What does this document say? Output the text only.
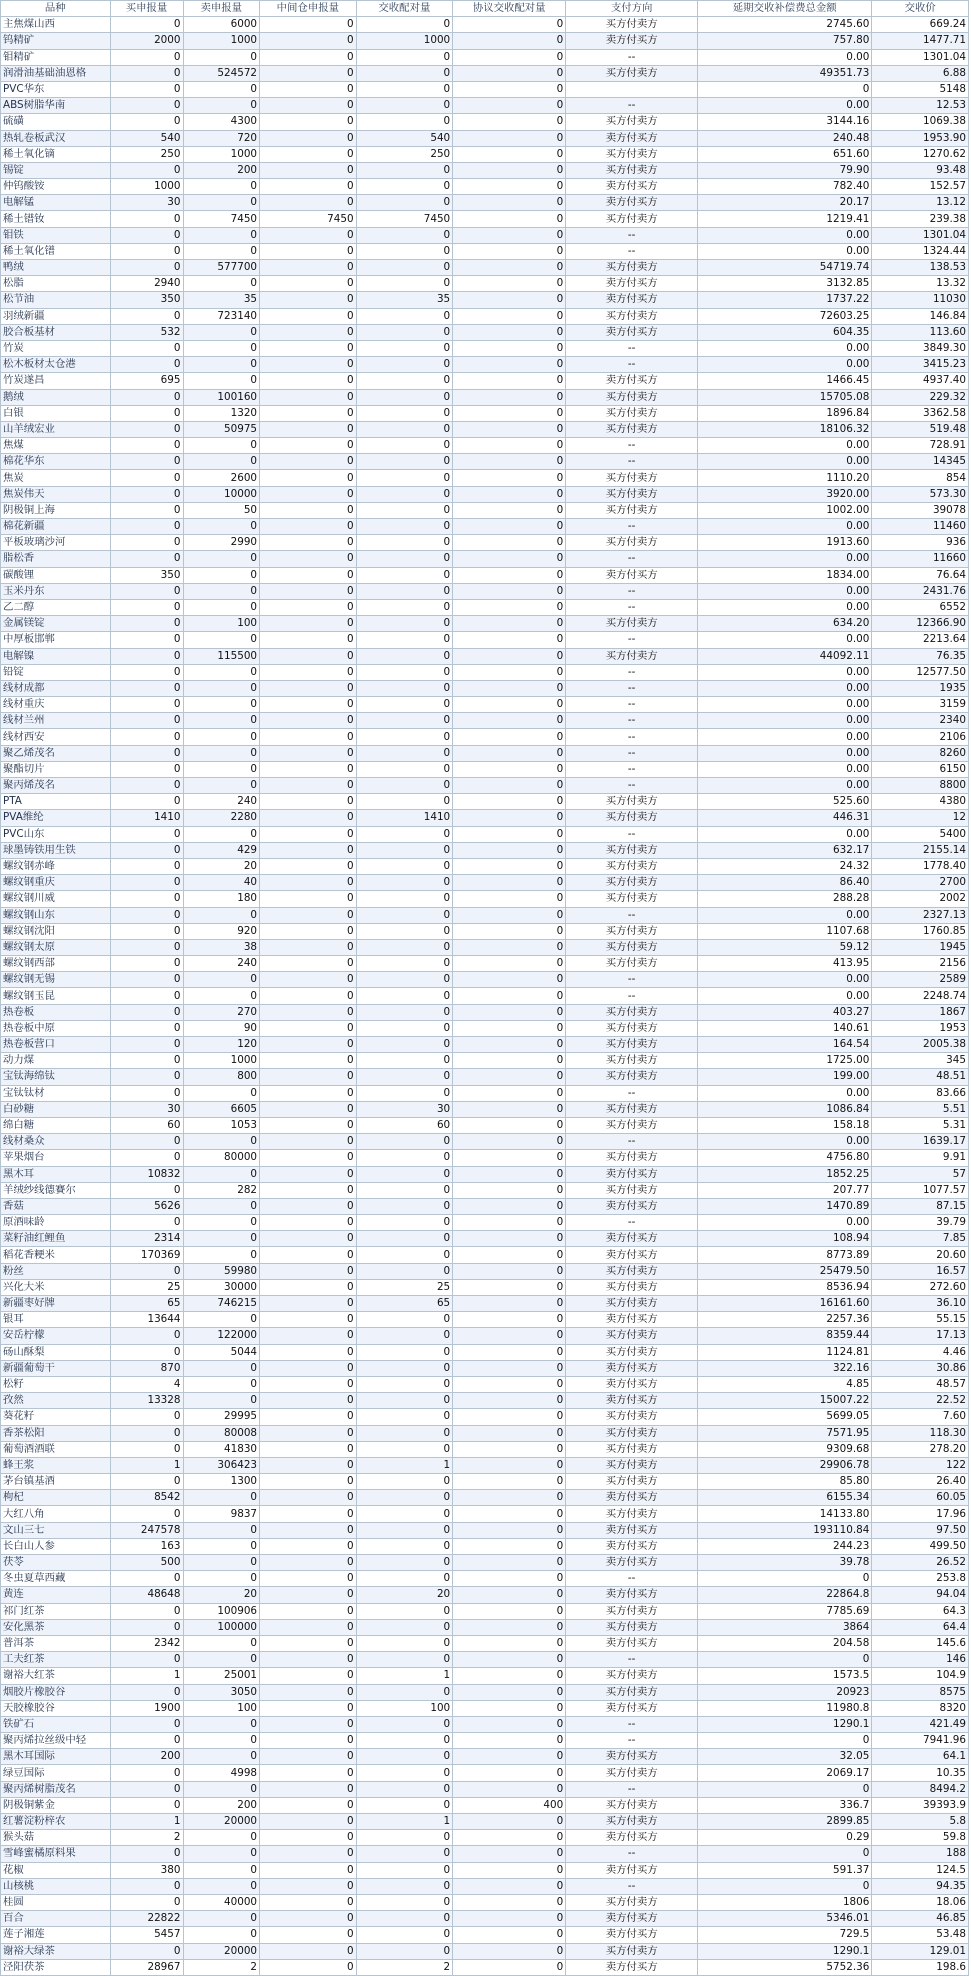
品种	买申报量	卖申报量	中间仓申报量	交收配对量	协议交收配对量	支付方向	延期交收补偿费总金额	交收价
主焦煤山西	0	6000	0	0	0	买方付卖方	2745.60	669.24
钨精矿	2000	1000	0	1000	0	卖方付买方	757.80	1477.71
钼精矿	0	0	0	0	0	--	0.00	1301.04
润滑油基础油恩格	0	524572	0	0	0	买方付卖方	49351.73	6.88
PVC华东	0	0	0	0	0		0	5148
ABS树脂华南	0	0	0	0	0	--	0.00	12.53
硫磺	0	4300	0	0	0	买方付卖方	3144.16	1069.38
热轧卷板武汉	540	720	0	540	0	卖方付买方	240.48	1953.90
稀土氧化镝	250	1000	0	250	0	买方付卖方	651.60	1270.62
锡锭	0	200	0	0	0	买方付卖方	79.90	93.48
仲钨酸铵	1000	0	0	0	0	卖方付买方	782.40	152.57
电解锰	30	0	0	0	0	卖方付买方	20.17	13.12
稀土镨钕	0	7450	7450	7450	0	买方付卖方	1219.41	239.38
钼铁	0	0	0	0	0	--	0.00	1301.04
稀土氧化镨	0	0	0	0	0	--	0.00	1324.44
鸭绒	0	577700	0	0	0	买方付卖方	54719.74	138.53
松脂	2940	0	0	0	0	卖方付买方	3132.85	13.32
松节油	350	35	0	35	0	卖方付买方	1737.22	11030
羽绒新疆	0	723140	0	0	0	买方付卖方	72603.25	146.84
胶合板基材	532	0	0	0	0	卖方付买方	604.35	113.60
竹炭	0	0	0	0	0	--	0.00	3849.30
松木板材太仓港	0	0	0	0	0	--	0.00	3415.23
竹炭遂昌	695	0	0	0	0	卖方付买方	1466.45	4937.40
鹅绒	0	100160	0	0	0	买方付卖方	15705.08	229.32
白银	0	1320	0	0	0	买方付卖方	1896.84	3362.58
山羊绒宏业	0	50975	0	0	0	买方付卖方	18106.32	519.48
焦煤	0	0	0	0	0	--	0.00	728.91
棉花华东	0	0	0	0	0	--	0.00	14345
焦炭	0	2600	0	0	0	买方付卖方	1110.20	854
焦炭伟天	0	10000	0	0	0	买方付卖方	3920.00	573.30
阴极铜上海	0	50	0	0	0	买方付卖方	1002.00	39078
棉花新疆	0	0	0	0	0	--	0.00	11460
平板玻璃沙河	0	2990	0	0	0	买方付卖方	1913.60	936
脂松香	0	0	0	0	0	--	0.00	11660
碳酸锂	350	0	0	0	0	卖方付买方	1834.00	76.64
玉米丹东	0	0	0	0	0	--	0.00	2431.76
乙二醇	0	0	0	0	0	--	0.00	6552
金属镁锭	0	100	0	0	0	买方付卖方	634.20	12366.90
中厚板邯郸	0	0	0	0	0	--	0.00	2213.64
电解镍	0	115500	0	0	0	买方付卖方	44092.11	76.35
铅锭	0	0	0	0	0	--	0.00	12577.50
线材成都	0	0	0	0	0	--	0.00	1935
线材重庆	0	0	0	0	0	--	0.00	3159
线材兰州	0	0	0	0	0	--	0.00	2340
线材西安	0	0	0	0	0	--	0.00	2106
聚乙烯茂名	0	0	0	0	0	--	0.00	8260
聚酯切片	0	0	0	0	0	--	0.00	6150
聚丙烯茂名	0	0	0	0	0	--	0.00	8800
PTA	0	240	0	0	0	买方付卖方	525.60	4380
PVA维纶	1410	2280	0	1410	0	买方付卖方	446.31	12
PVC山东	0	0	0	0	0	--	0.00	5400
球墨铸铁用生铁	0	429	0	0	0	买方付卖方	632.17	2155.14
螺纹钢赤峰	0	20	0	0	0	买方付卖方	24.32	1778.40
螺纹钢重庆	0	40	0	0	0	买方付卖方	86.40	2700
螺纹钢川威	0	180	0	0	0	买方付卖方	288.28	2002
螺纹钢山东	0	0	0	0	0	--	0.00	2327.13
螺纹钢沈阳	0	920	0	0	0	买方付卖方	1107.68	1760.85
螺纹钢太原	0	38	0	0	0	买方付卖方	59.12	1945
螺纹钢西部	0	240	0	0	0	买方付卖方	413.95	2156
螺纹钢无锡	0	0	0	0	0	--	0.00	2589
螺纹钢玉昆	0	0	0	0	0	--	0.00	2248.74
热卷板	0	270	0	0	0	买方付卖方	403.27	1867
热卷板中原	0	90	0	0	0	买方付卖方	140.61	1953
热卷板营口	0	120	0	0	0	买方付卖方	164.54	2005.38
动力煤	0	1000	0	0	0	买方付卖方	1725.00	345
宝钛海绵钛	0	800	0	0	0	买方付卖方	199.00	48.51
宝钛钛材	0	0	0	0	0	--	0.00	83.66
白砂糖	30	6605	0	30	0	买方付卖方	1086.84	5.51
绵白糖	60	1053	0	60	0	买方付卖方	158.18	5.31
线材桑众	0	0	0	0	0	--	0.00	1639.17
苹果烟台	0	80000	0	0	0	买方付卖方	4756.80	9.91
黑木耳	10832	0	0	0	0	卖方付买方	1852.25	57
羊绒纱线德賽尔	0	282	0	0	0	买方付卖方	207.77	1077.57
香菇	5626	0	0	0	0	卖方付买方	1470.89	87.15
原酒味龄	0	0	0	0	0	--	0.00	39.79
菜籽油红鲤鱼	2314	0	0	0	0	卖方付买方	108.94	7.85
稻花香粳米	170369	0	0	0	0	卖方付买方	8773.89	20.60
粉丝	0	59980	0	0	0	买方付卖方	25479.50	16.57
兴化大米	25	30000	0	25	0	买方付卖方	8536.94	272.60
新疆枣好牌	65	746215	0	65	0	买方付卖方	16161.60	36.10
银耳	13644	0	0	0	0	卖方付买方	2257.36	55.15
安岳柠檬	0	122000	0	0	0	买方付卖方	8359.44	17.13
砀山酥梨	0	5044	0	0	0	买方付卖方	1124.81	4.46
新疆葡萄干	870	0	0	0	0	卖方付买方	322.16	30.86
松籽	4	0	0	0	0	卖方付买方	4.85	48.57
孜然	13328	0	0	0	0	卖方付买方	15007.22	22.52
葵花籽	0	29995	0	0	0	买方付卖方	5699.05	7.60
香茶松阳	0	80008	0	0	0	买方付卖方	7571.95	118.30
葡萄酒酒联	0	41830	0	0	0	买方付卖方	9309.68	278.20
蜂王浆	1	306423	0	1	0	买方付卖方	29906.78	122
茅台镇基酒	0	1300	0	0	0	买方付卖方	85.80	26.40
枸杞	8542	0	0	0	0	卖方付买方	6155.34	60.05
大红八角	0	9837	0	0	0	买方付卖方	14133.80	17.96
文山三七	247578	0	0	0	0	卖方付买方	193110.84	97.50
长白山人参	163	0	0	0	0	卖方付买方	244.23	499.50
茯苓	500	0	0	0	0	卖方付买方	39.78	26.52
冬虫夏草西藏	0	0	0	0	0	--	0	253.8
黄连	48648	20	0	20	0	卖方付买方	22864.8	94.04
祁门红茶	0	100906	0	0	0	买方付卖方	7785.69	64.3
安化黑茶	0	100000	0	0	0	买方付卖方	3864	64.4
普洱茶	2342	0	0	0	0	卖方付买方	204.58	145.6
工夫红茶	0	0	0	0	0	--	0	146
谢裕大红茶	1	25001	0	1	0	买方付卖方	1573.5	104.9
烟胶片橡胶谷	0	3050	0	0	0	买方付卖方	20923	8575
天胶橡胶谷	1900	100	0	100	0	卖方付买方	11980.8	8320
铁矿石	0	0	0	0	0	--	1290.1	421.49
聚丙烯拉丝级中轻	0	0	0	0	0	--	0	7941.96
黑木耳国际	200	0	0	0	0	卖方付买方	32.05	64.1
绿豆国际	0	4998	0	0	0	买方付卖方	2069.17	10.35
聚丙烯树脂茂名	0	0	0	0	0	--	0	8494.2
阴极铜紫金	0	200	0	0	400	买方付卖方	336.7	39393.9
红薯淀粉梓农	1	20000	0	1	0	买方付卖方	2899.85	5.8
猴头菇	2	0	0	0	0	卖方付买方	0.29	59.8
雪峰蜜橘原料果	0	0	0	0	0	--	0	188
花椒	380	0	0	0	0	卖方付买方	591.37	124.5
山核桃	0	0	0	0	0	--	0	94.35
桂圆	0	40000	0	0	0	买方付卖方	1806	18.06
百合	22822	0	0	0	0	卖方付买方	5346.01	46.85
莲子湘莲	5457	0	0	0	0	卖方付买方	729.5	53.48
谢裕大绿茶	0	20000	0	0	0	买方付卖方	1290.1	129.01
泾阳茯茶	28967	2	0	2	0	卖方付买方	5752.36	198.6
